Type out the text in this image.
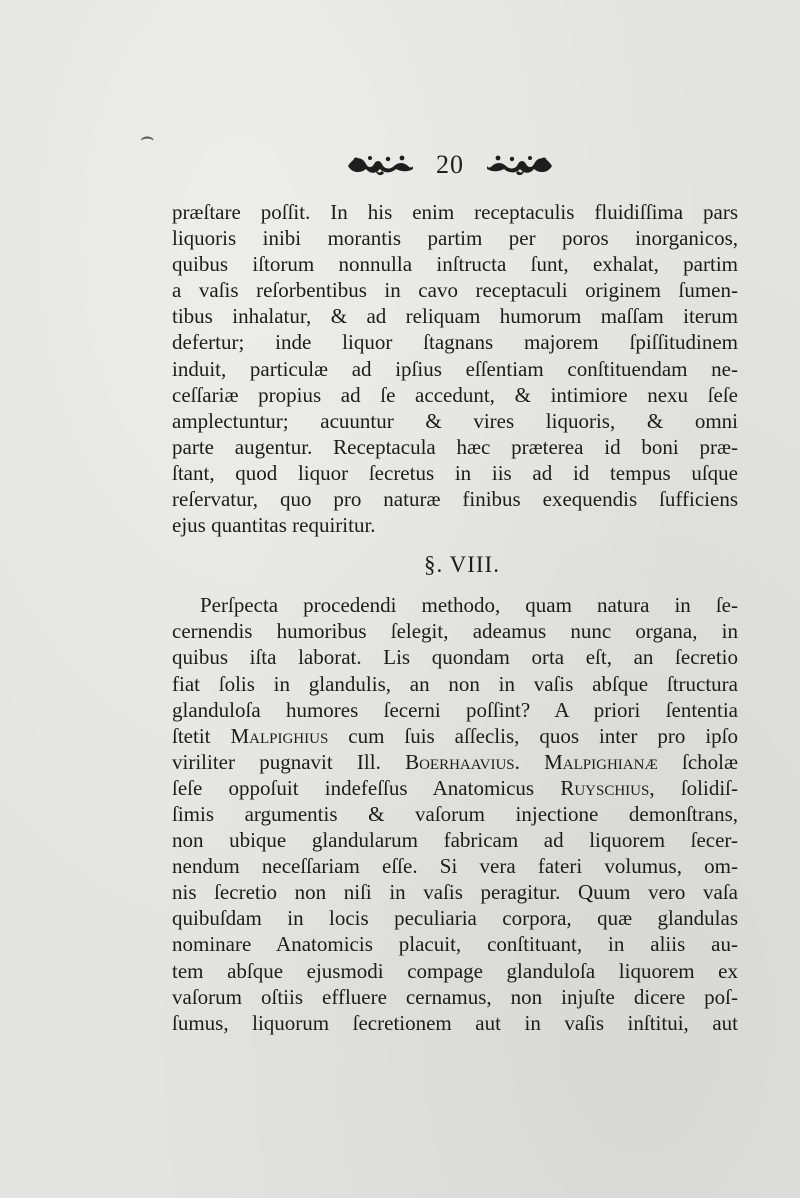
⌢
20
præſtare poſſit. In his enim receptaculis fluidiſſima pars
liquoris inibi morantis partim per poros inorganicos,
quibus iſtorum nonnulla inſtructa ſunt, exhalat, partim
a vaſis reſorbentibus in cavo receptaculi originem ſumen-
tibus inhalatur, & ad reliquam humorum maſſam iterum
defertur; inde liquor ſtagnans majorem ſpiſſitudinem
induit, particulæ ad ipſius eſſentiam conſtituendam ne-
ceſſariæ propius ad ſe accedunt, & intimiore nexu ſeſe
amplectuntur; acuuntur & vires liquoris, & omni
parte augentur. Receptacula hæc præterea id boni præ-
ſtant, quod liquor ſecretus in iis ad id tempus uſque
reſervatur, quo pro naturæ finibus exequendis ſufficiens
ejus quantitas requiritur.
§. VIII.
Perſpecta procedendi methodo, quam natura in ſe-
cernendis humoribus ſelegit, adeamus nunc organa, in
quibus iſta laborat. Lis quondam orta eſt, an ſecretio
fiat ſolis in glandulis, an non in vaſis abſque ſtructura
glanduloſa humores ſecerni poſſint? A priori ſententia
ſtetit Malpighius cum ſuis aſſeclis, quos inter pro ipſo
viriliter pugnavit Ill. Boerhaavius. Malpighianæ ſcholæ
ſeſe oppoſuit indefeſſus Anatomicus Ruyschius, ſolidiſ-
ſimis argumentis & vaſorum injectione demonſtrans,
non ubique glandularum fabricam ad liquorem ſecer-
nendum neceſſariam eſſe. Si vera fateri volumus, om-
nis ſecretio non niſi in vaſis peragitur. Quum vero vaſa
quibuſdam in locis peculiaria corpora, quæ glandulas
nominare Anatomicis placuit, conſtituant, in aliis au-
tem abſque ejusmodi compage glanduloſa liquorem ex
vaſorum oſtiis effluere cernamus, non injuſte dicere poſ-
ſumus, liquorum ſecretionem aut in vaſis inſtitui, aut
